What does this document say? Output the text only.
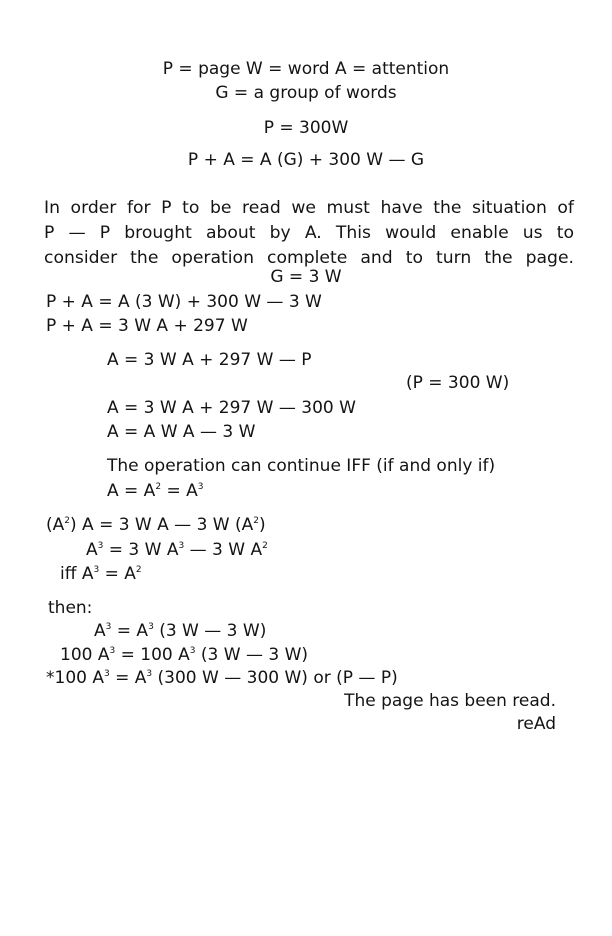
P = page W = word A = attention
G = a group of words
P = 300W
P + A = A (G) + 300 W — G
In order for P to be read we must have the situation of
P — P brought about by A. This would enable us to
consider the operation complete and to turn the page.
G = 3 W
P + A = A (3 W) + 300 W — 3 W
P + A = 3 W A + 297 W
A = 3 W A + 297 W — P
(P = 300 W)
A = 3 W A + 297 W — 300 W
A = A W A — 3 W
The operation can continue IFF (if and only if)
$A = A^2 = A^3$
$(A^2) A = 3$ W A — 3 W $(A^2)$
$A^3 = 3$ W $A^3$ — 3 W $A^2$
iff $A^3 = A^2$
then:
$A^3 = A^3$ (3 W — 3 W)
100 $A^3 = 100$ $A^3$ (3 W — 3 W)
*100 $A^3 = A^3$ (300 W — 300 W) or (P — P)
The page has been read.
reAd
